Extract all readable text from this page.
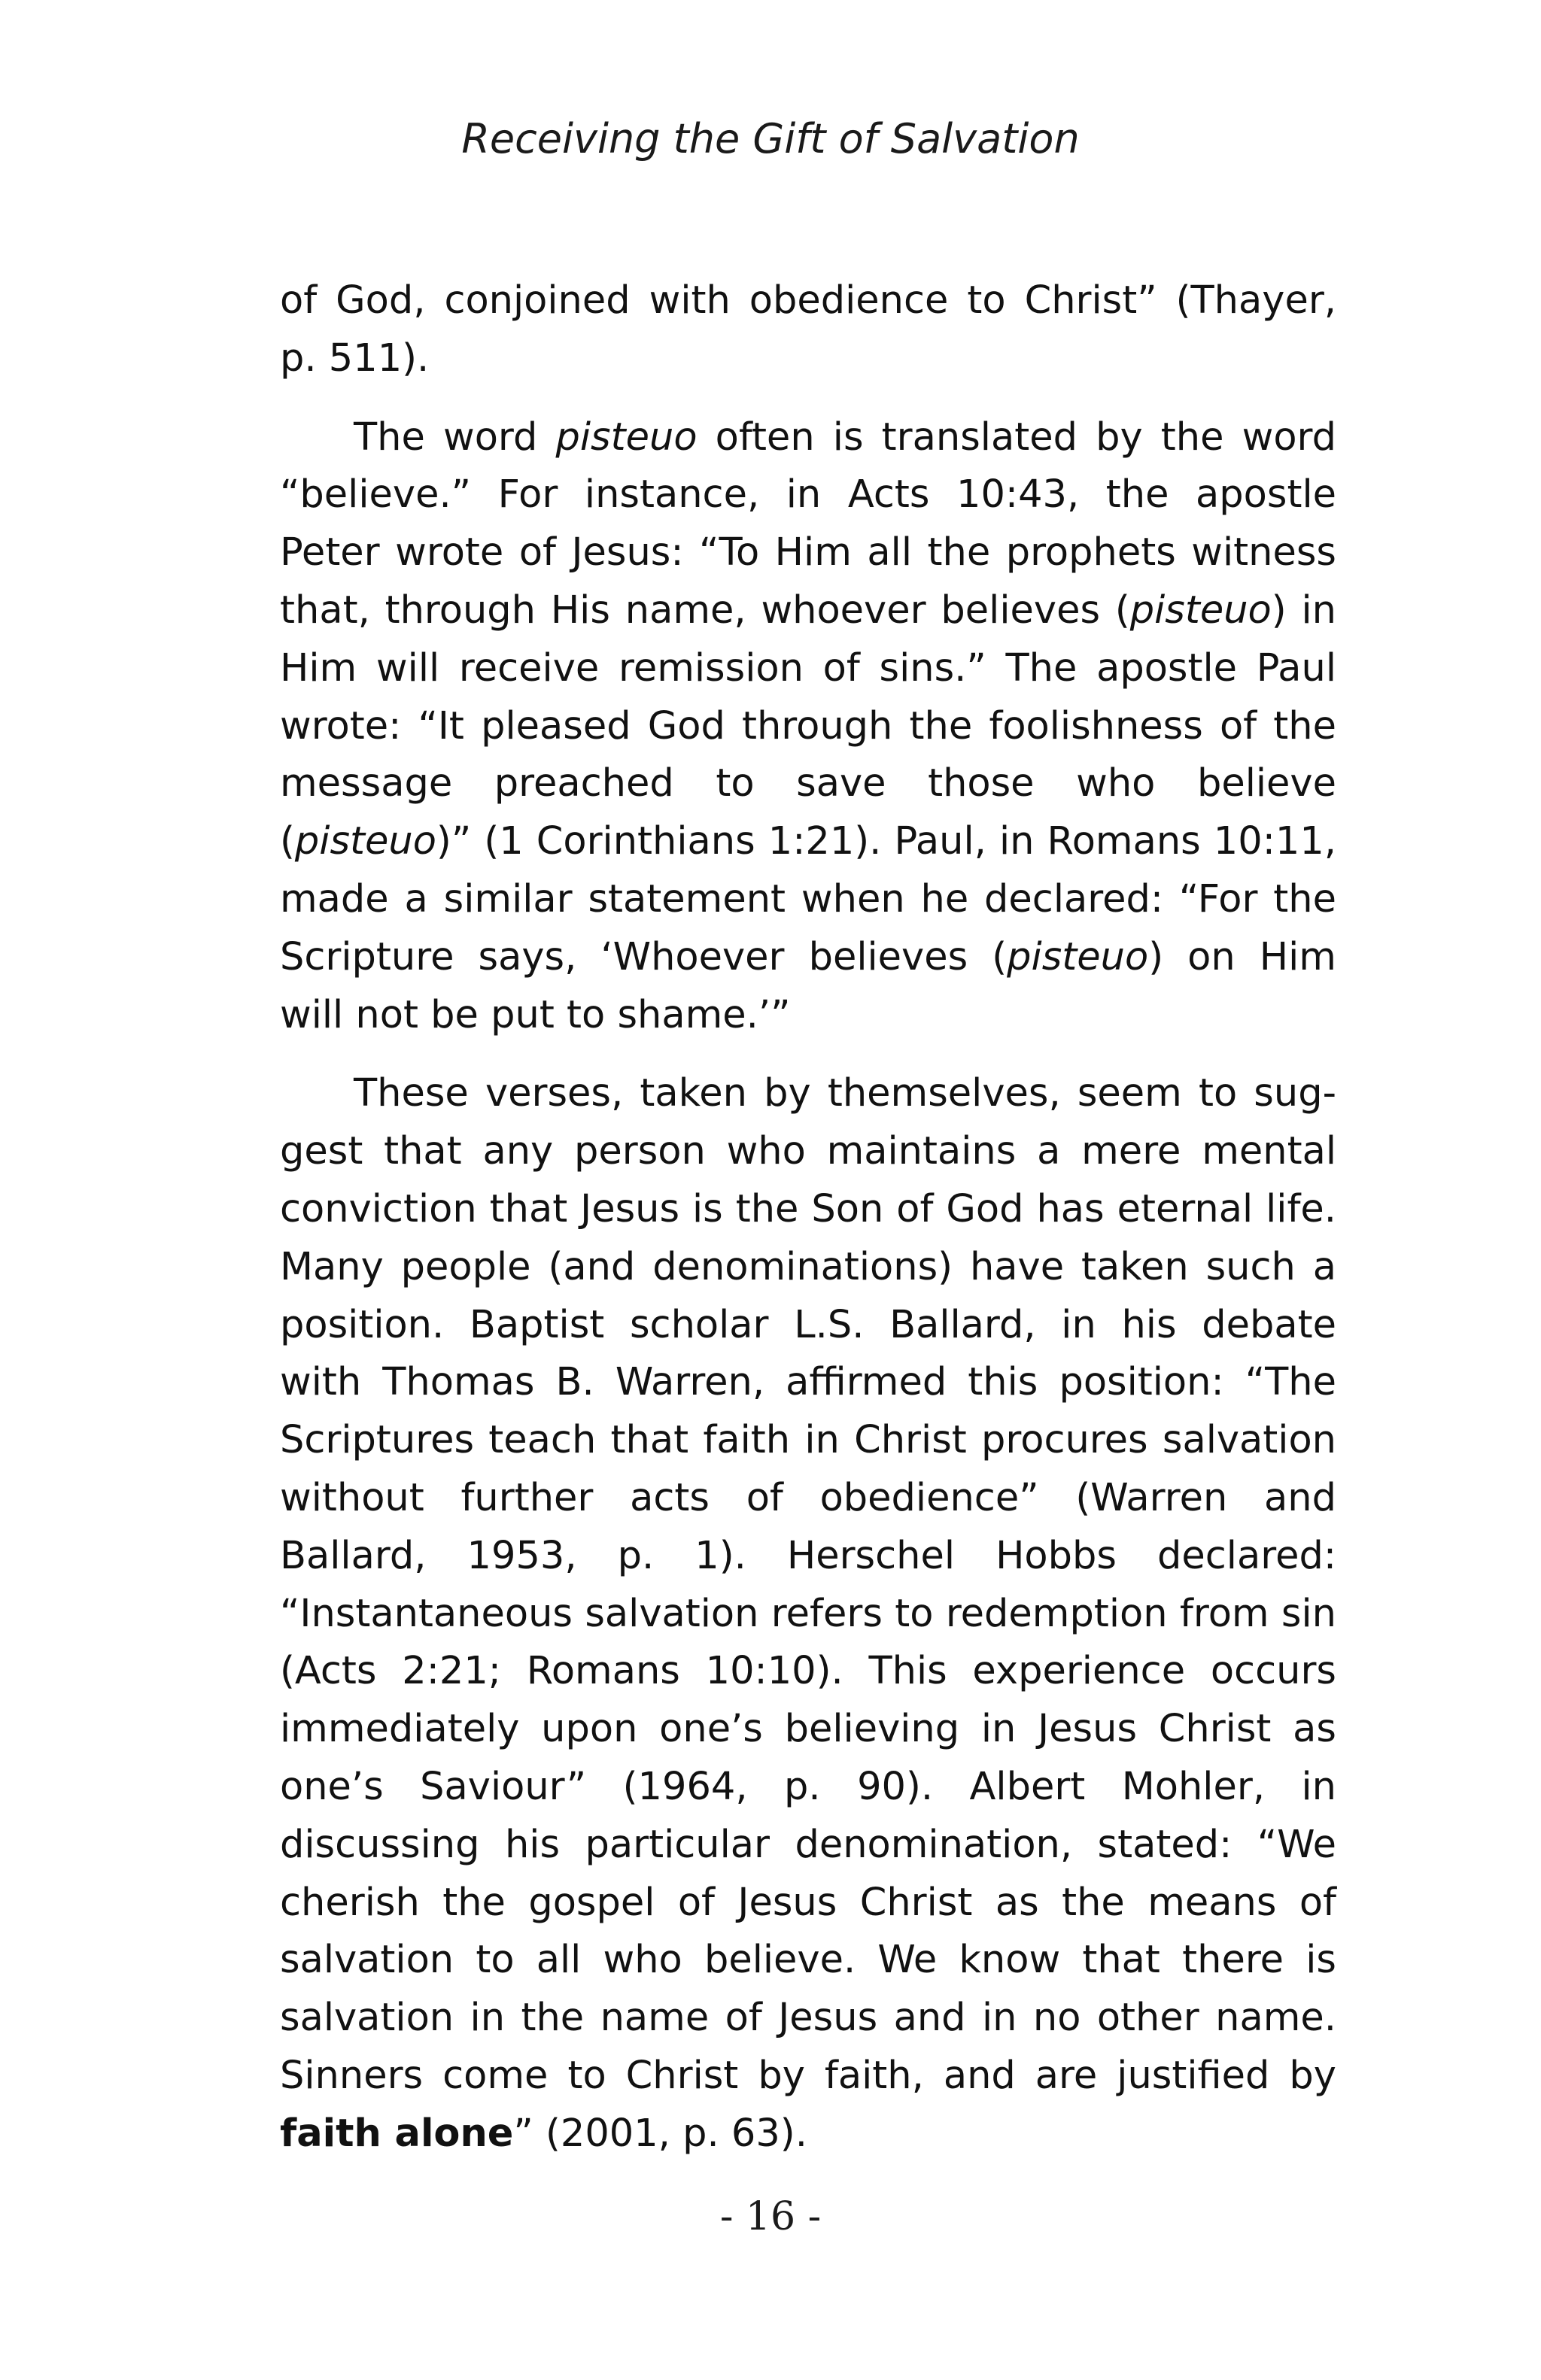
Receiving the Gift of Salvation

of God, conjoined with obedience to Christ” (Thayer, p. 511).

The word pisteuo often is translated by the word “believe.” For instance, in Acts 10:43, the apostle Peter wrote of Jesus: “To Him all the prophets witness that, through His name, whoever believes (pisteuo) in Him will receive remission of sins.” The apostle Paul wrote: “It pleased God through the foolishness of the message preached to save those who believe (pisteuo)” (1 Corinthians 1:21). Paul, in Romans 10:11, made a similar statement when he declared: “For the Scripture says, ‘Whoever believes (pisteuo) on Him will not be put to shame.’”

These verses, taken by themselves, seem to suggest that any person who maintains a mere mental conviction that Jesus is the Son of God has eternal life. Many people (and denominations) have taken such a position. Baptist scholar L.S. Ballard, in his debate with Thomas B. Warren, affirmed this position: “The Scriptures teach that faith in Christ procures salvation without further acts of obedience” (Warren and Ballard, 1953, p. 1). Herschel Hobbs declared: “Instantaneous salvation refers to redemption from sin (Acts 2:21; Romans 10:10). This experience occurs immediately upon one’s believing in Jesus Christ as one’s Saviour” (1964, p. 90). Albert Mohler, in discussing his particular denomination, stated: “We cherish the gospel of Jesus Christ as the means of salvation to all who believe. We know that there is salvation in the name of Jesus and in no other name. Sinners come to Christ by faith, and are justified by faith alone” (2001, p. 63).

- 16 -
